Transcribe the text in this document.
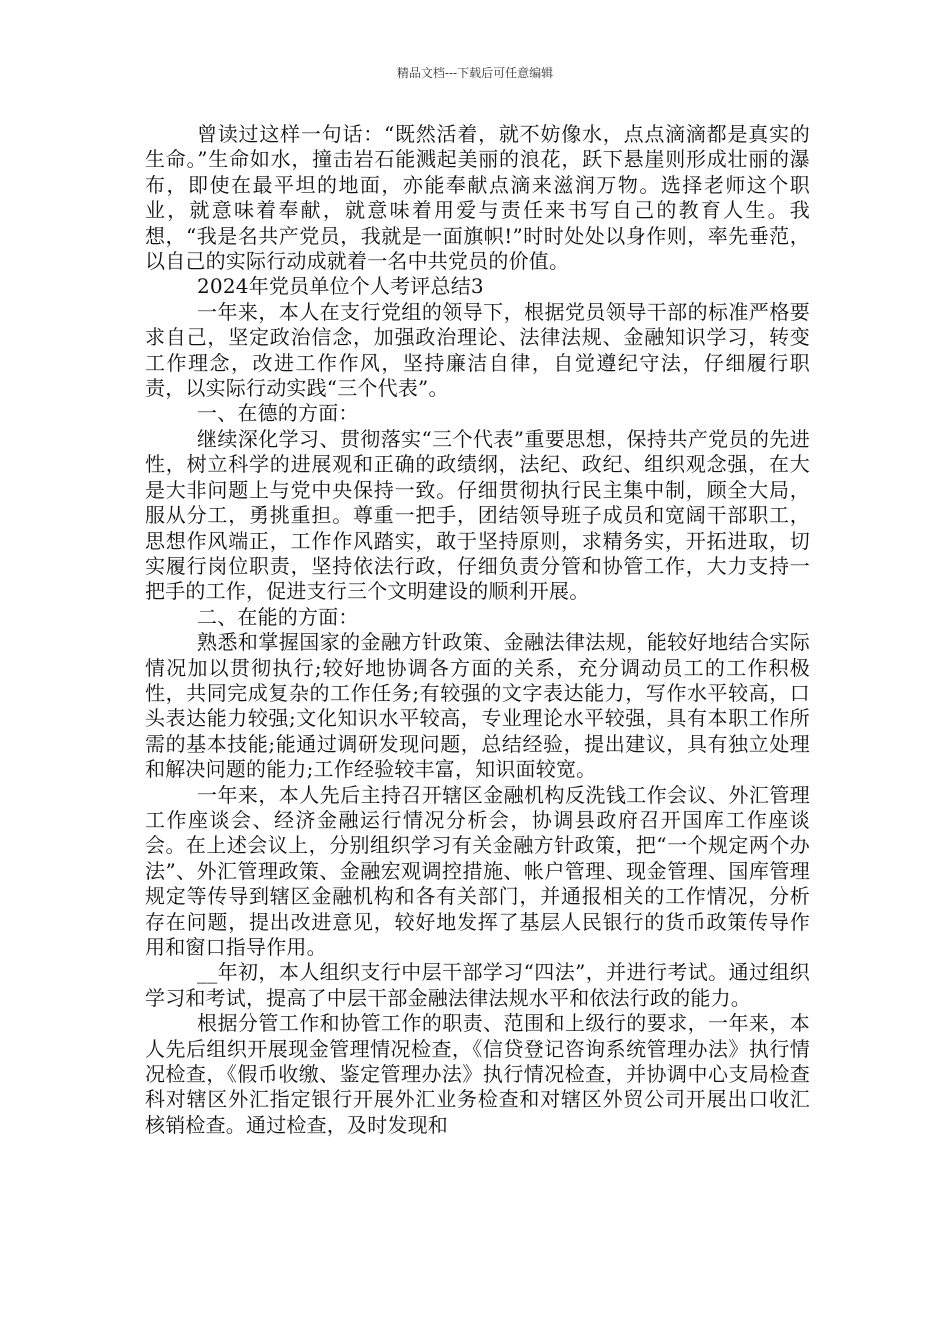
精品文档---下载后可任意编辑

曾读过这样一句话：“既然活着，就不妨像水，点点滴滴都是真实的生命。”生命如水，撞击岩石能溅起美丽的浪花，跃下悬崖则形成壮丽的瀑布，即使在最平坦的地面，亦能奉献点滴来滋润万物。选择老师这个职业，就意味着奉献，就意味着用爱与责任来书写自己的教育人生。我想，“我是名共产党员，我就是一面旗帜!”时时处处以身作则，率先垂范，以自己的实际行动成就着一名中共党员的价值。

2024年党员单位个人考评总结3

一年来，本人在支行党组的领导下，根据党员领导干部的标准严格要求自己，坚定政治信念，加强政治理论、法律法规、金融知识学习，转变工作理念，改进工作作风，坚持廉洁自律，自觉遵纪守法，仔细履行职责，以实际行动实践“三个代表”。

一、在德的方面：

继续深化学习、贯彻落实“三个代表”重要思想，保持共产党员的先进性，树立科学的进展观和正确的政绩纲，法纪、政纪、组织观念强，在大是大非问题上与党中央保持一致。仔细贯彻执行民主集中制，顾全大局，服从分工，勇挑重担。尊重一把手，团结领导班子成员和宽阔干部职工，思想作风端正，工作作风踏实，敢于坚持原则，求精务实，开拓进取，切实履行岗位职责，坚持依法行政，仔细负责分管和协管工作，大力支持一把手的工作，促进支行三个文明建设的顺利开展。

二、在能的方面：

熟悉和掌握国家的金融方针政策、金融法律法规，能较好地结合实际情况加以贯彻执行;较好地协调各方面的关系，充分调动员工的工作积极性，共同完成复杂的工作任务;有较强的文字表达能力，写作水平较高，口头表达能力较强;文化知识水平较高，专业理论水平较强，具有本职工作所需的基本技能;能通过调研发现问题，总结经验，提出建议，具有独立处理和解决问题的能力;工作经验较丰富，知识面较宽。

一年来，本人先后主持召开辖区金融机构反洗钱工作会议、外汇管理工作座谈会、经济金融运行情况分析会，协调县政府召开国库工作座谈会。在上述会议上，分别组织学习有关金融方针政策，把“一个规定两个办法”、外汇管理政策、金融宏观调控措施、帐户管理、现金管理、国库管理规定等传导到辖区金融机构和各有关部门，并通报相关的工作情况，分析存在问题，提出改进意见，较好地发挥了基层人民银行的货币政策传导作用和窗口指导作用。

__年初，本人组织支行中层干部学习“四法”，并进行考试。通过组织学习和考试，提高了中层干部金融法律法规水平和依法行政的能力。

根据分管工作和协管工作的职责、范围和上级行的要求，一年来，本人先后组织开展现金管理情况检查，《信贷登记咨询系统管理办法》执行情况检查，《假币收缴、鉴定管理办法》执行情况检查，并协调中心支局检查科对辖区外汇指定银行开展外汇业务检查和对辖区外贸公司开展出口收汇核销检查。通过检查，及时发现和
